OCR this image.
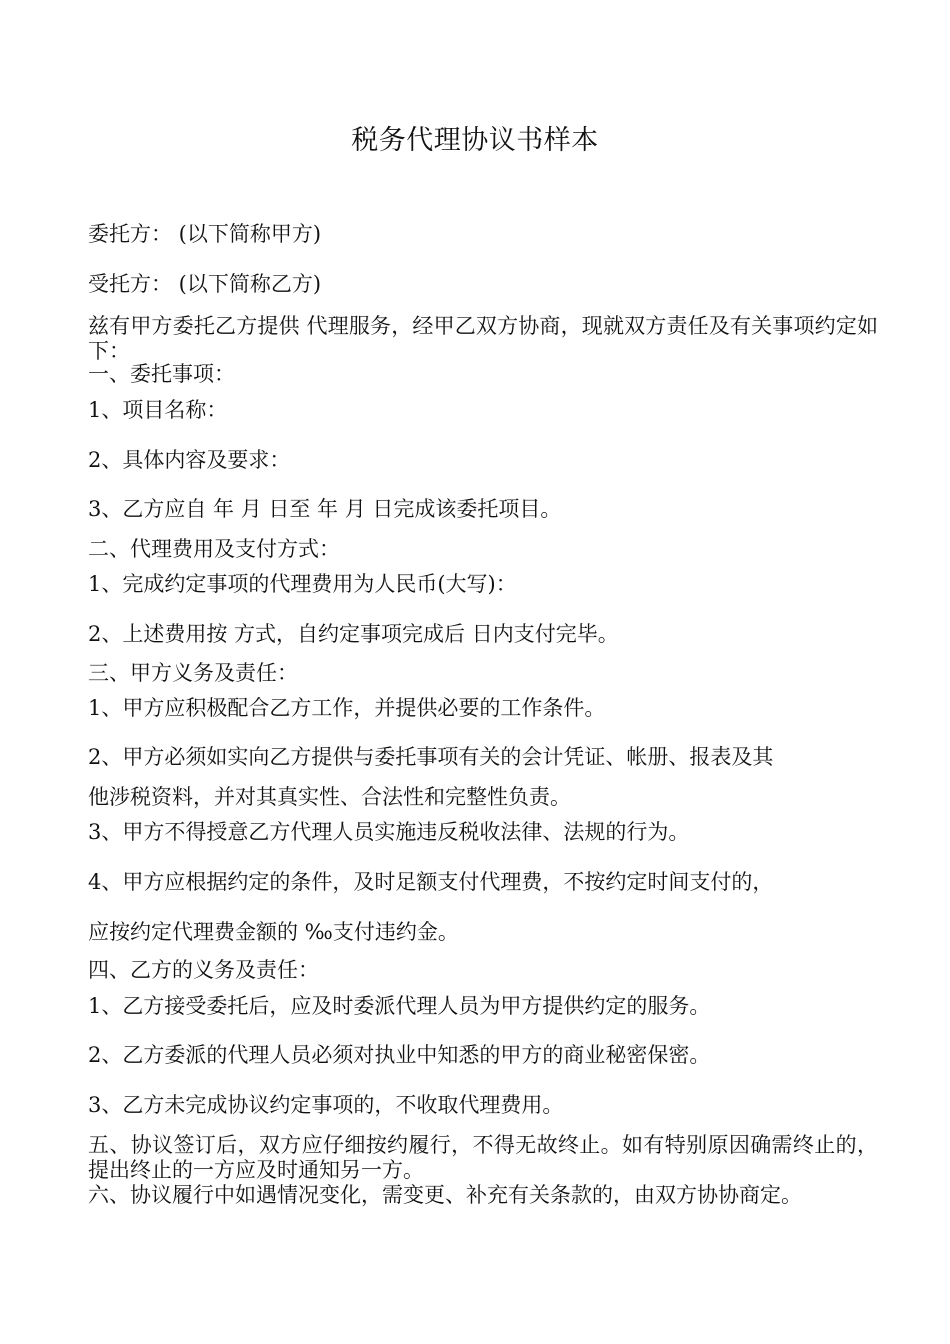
税务代理协议书样本
委托方： (以下简称甲方)
受托方： (以下简称乙方)
兹有甲方委托乙方提供 代理服务，经甲乙双方协商，现就双方责任及有关事项约定如下：
一、委托事项：
1、项目名称：
2、具体内容及要求：
3、乙方应自 年 月 日至 年 月 日完成该委托项目。
二、代理费用及支付方式：
1、完成约定事项的代理费用为人民币(大写)：
2、上述费用按 方式，自约定事项完成后 日内支付完毕。
三、甲方义务及责任：
1、甲方应积极配合乙方工作，并提供必要的工作条件。
2、甲方必须如实向乙方提供与委托事项有关的会计凭证、帐册、报表及其
他涉税资料，并对其真实性、合法性和完整性负责。
3、甲方不得授意乙方代理人员实施违反税收法律、法规的行为。
4、甲方应根据约定的条件，及时足额支付代理费，不按约定时间支付的，
应按约定代理费金额的 ‰支付违约金。
四、乙方的义务及责任：
1、乙方接受委托后，应及时委派代理人员为甲方提供约定的服务。
2、乙方委派的代理人员必须对执业中知悉的甲方的商业秘密保密。
3、乙方未完成协议约定事项的，不收取代理费用。
五、协议签订后，双方应仔细按约履行，不得无故终止。如有特别原因确需终止的，提出终止的一方应及时通知另一方。
六、协议履行中如遇情况变化，需变更、补充有关条款的，由双方协协商定。
